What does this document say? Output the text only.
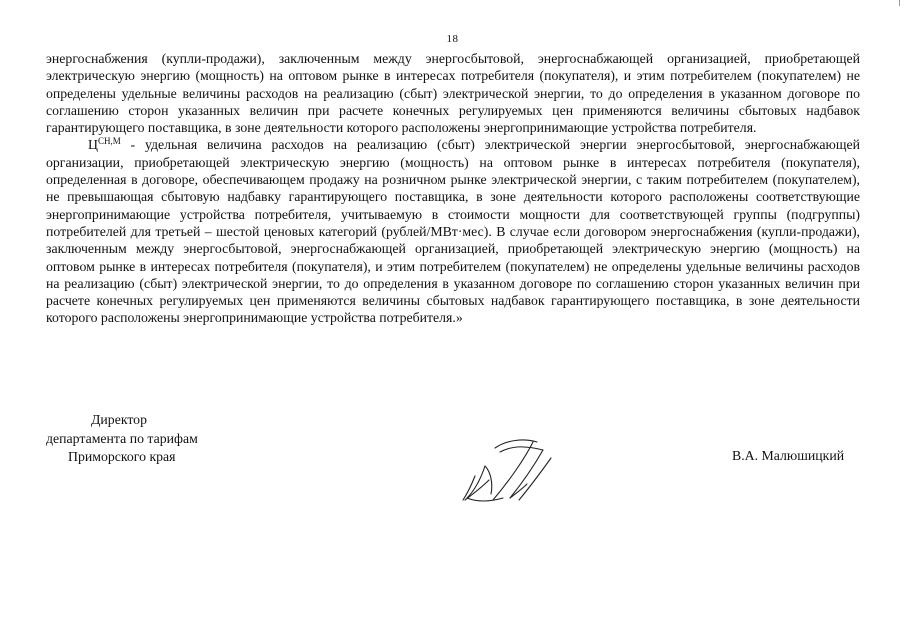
18

энергоснабжения (купли-продажи), заключенным между энергосбытовой, энергоснабжающей организацией, приобретающей электрическую энергию (мощность) на оптовом рынке в интересах потребителя (покупателя), и этим потребителем (покупателем) не определены удельные величины расходов на реализацию (сбыт) электрической энергии, то до определения в указанном договоре по соглашению сторон указанных величин при расчете конечных регулируемых цен применяются величины сбытовых надбавок гарантирующего поставщика, в зоне деятельности которого расположены энергопринимающие устройства потребителя.

$Ц^{СН,М}$ - удельная величина расходов на реализацию (сбыт) электрической энергии энергосбытовой, энергоснабжающей организации, приобретающей электрическую энергию (мощность) на оптовом рынке в интересах потребителя (покупателя), определенная в договоре, обеспечивающем продажу на розничном рынке электрической энергии, с таким потребителем (покупателем), не превышающая сбытовую надбавку гарантирующего поставщика, в зоне деятельности которого расположены соответствующие энергопринимающие устройства потребителя, учитываемую в стоимости мощности для соответствующей группы (подгруппы) потребителей для третьей – шестой ценовых категорий (рублей/МВт·мес). В случае если договором энергоснабжения (купли-продажи), заключенным между энергосбытовой, энергоснабжающей организацией, приобретающей электрическую энергию (мощность) на оптовом рынке в интересах потребителя (покупателя), и этим потребителем (покупателем) не определены удельные величины расходов на реализацию (сбыт) электрической энергии, то до определения в указанном договоре по соглашению сторон указанных величин при расчете конечных регулируемых цен применяются величины сбытовых надбавок гарантирующего поставщика, в зоне деятельности которого расположены энергопринимающие устройства потребителя.»

Директор
департамента по тарифам
Приморского края	В.А. Малюшицкий
